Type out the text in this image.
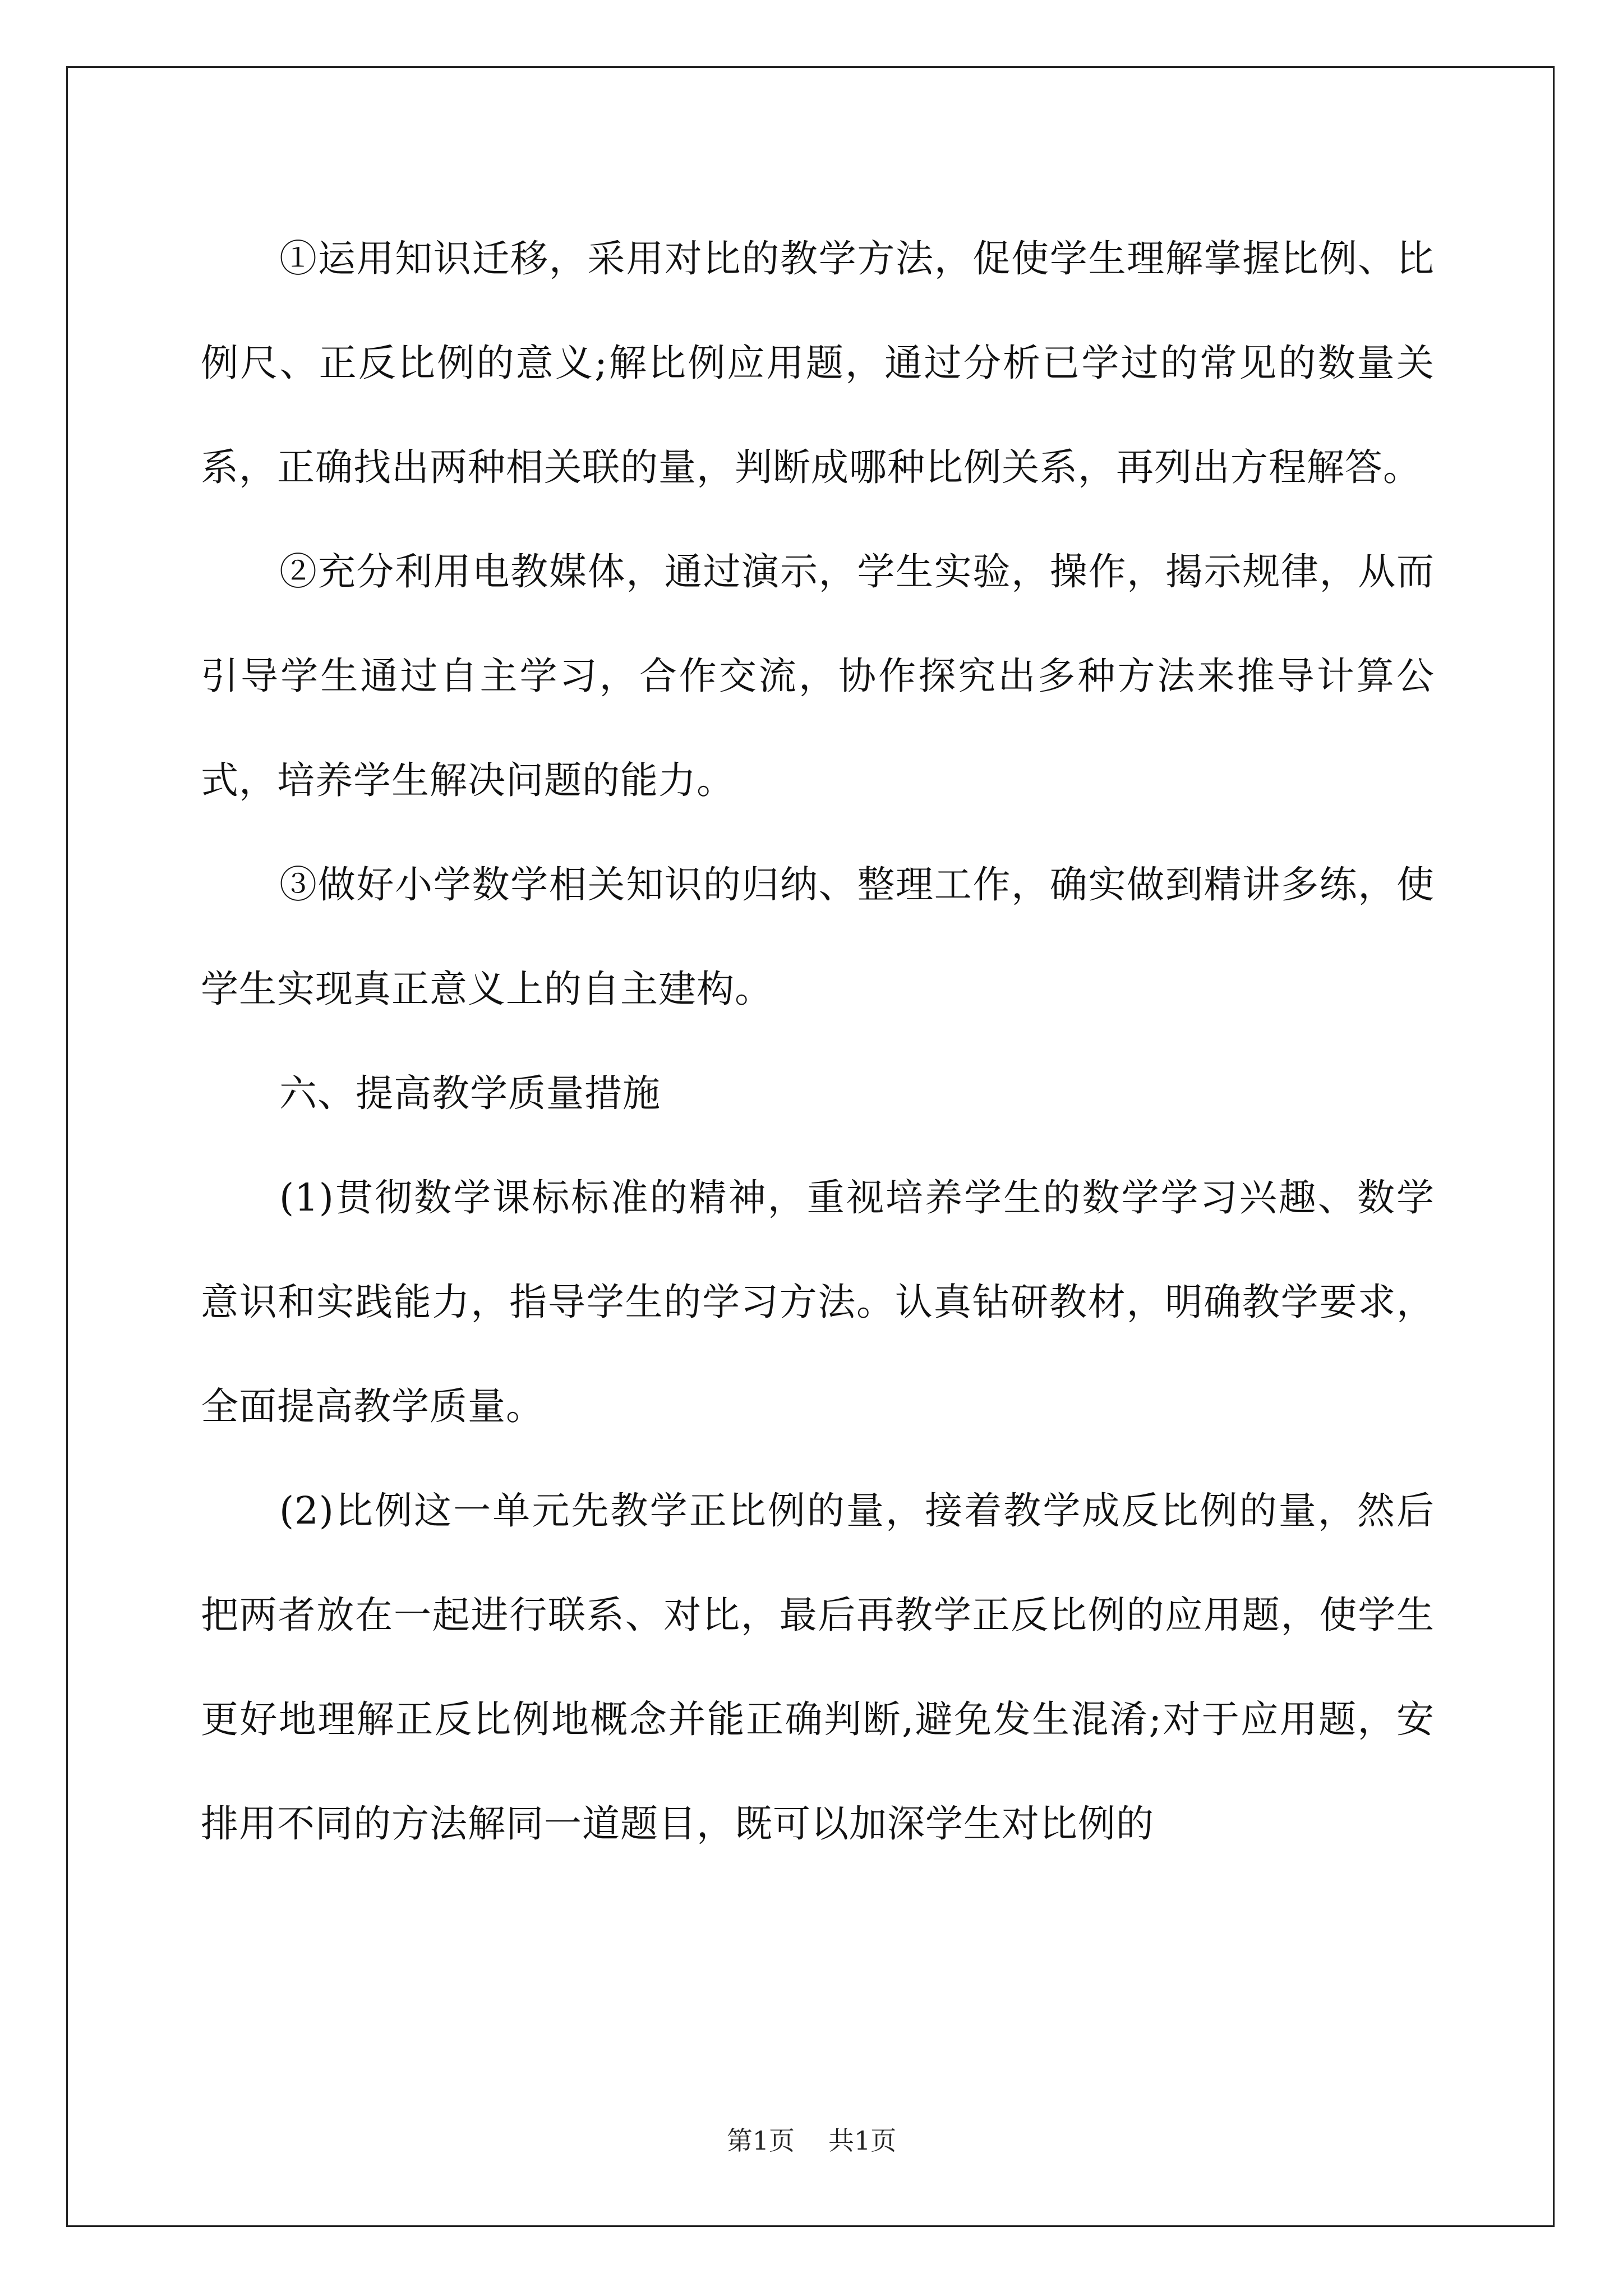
①运用知识迁移，采用对比的教学方法，促使学生理解掌握比例、比例尺、正反比例的意义;解比例应用题，通过分析已学过的常见的数量关系，正确找出两种相关联的量，判断成哪种比例关系，再列出方程解答。

②充分利用电教媒体，通过演示，学生实验，操作，揭示规律，从而引导学生通过自主学习，合作交流，协作探究出多种方法来推导计算公式，培养学生解决问题的能力。

③做好小学数学相关知识的归纳、整理工作，确实做到精讲多练，使学生实现真正意义上的自主建构。

六、提高教学质量措施

(1)贯彻数学课标标准的精神，重视培养学生的数学学习兴趣、数学意识和实践能力，指导学生的学习方法。认真钻研教材，明确教学要求，全面提高教学质量。

(2)比例这一单元先教学正比例的量，接着教学成反比例的量，然后把两者放在一起进行联系、对比，最后再教学正反比例的应用题，使学生更好地理解正反比例地概念并能正确判断,避免发生混淆;对于应用题，安排用不同的方法解同一道题目，既可以加深学生对比例的

第1页 共1页
